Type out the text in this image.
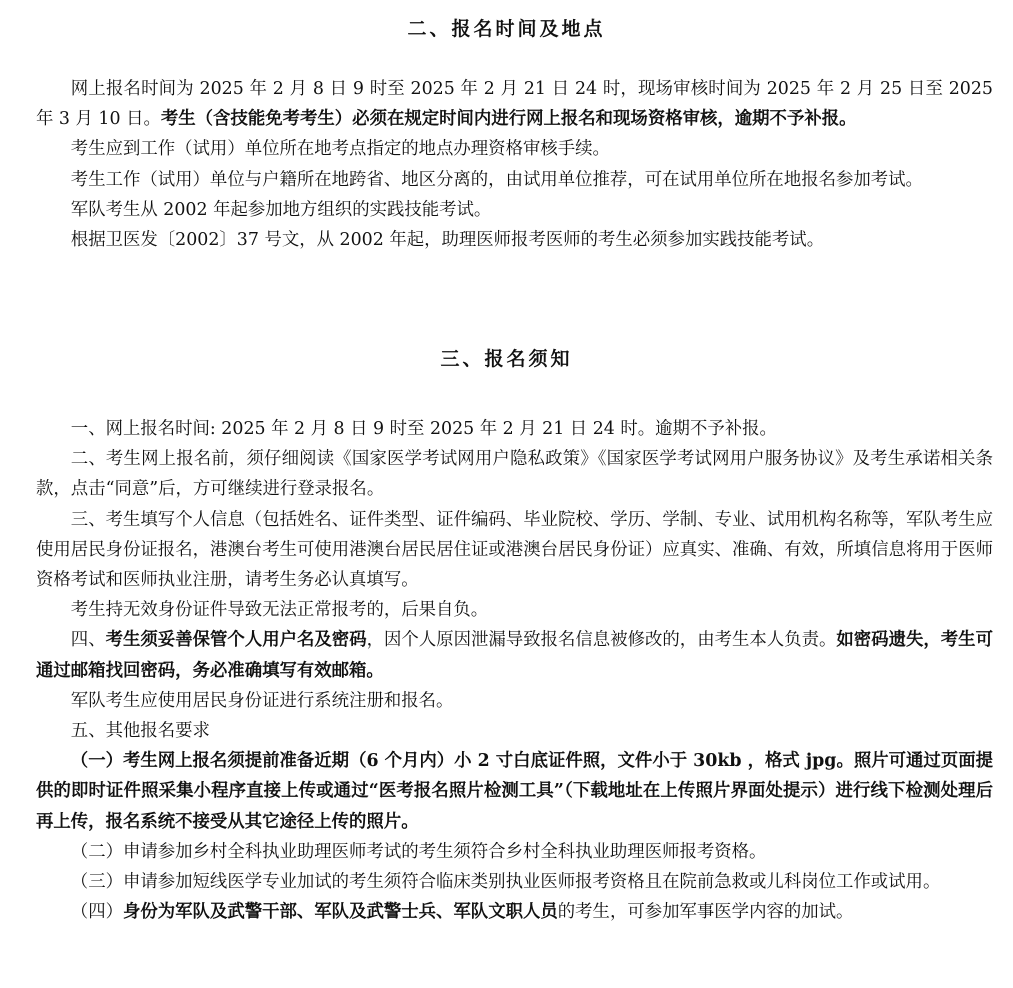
二、报名时间及地点

网上报名时间为 2025 年 2 月 8 日 9 时至 2025 年 2 月 21 日 24 时，现场审核时间为 2025 年 2 月 25 日至 2025 年 3 月 10 日。考生（含技能免考考生）必须在规定时间内进行网上报名和现场资格审核，逾期不予补报。

考生应到工作（试用）单位所在地考点指定的地点办理资格审核手续。

考生工作（试用）单位与户籍所在地跨省、地区分离的，由试用单位推荐，可在试用单位所在地报名参加考试。

军队考生从 2002 年起参加地方组织的实践技能考试。

根据卫医发〔2002〕37 号文，从 2002 年起，助理医师报考医师的考生必须参加实践技能考试。

三、报名须知

一、网上报名时间: 2025 年 2 月 8 日 9 时至 2025 年 2 月 21 日 24 时。逾期不予补报。

二、考生网上报名前，须仔细阅读《国家医学考试网用户隐私政策》《国家医学考试网用户服务协议》及考生承诺相关条款，点击“同意”后，方可继续进行登录报名。

三、考生填写个人信息（包括姓名、证件类型、证件编码、毕业院校、学历、学制、专业、试用机构名称等，军队考生应使用居民身份证报名，港澳台考生可使用港澳台居民居住证或港澳台居民身份证）应真实、准确、有效，所填信息将用于医师资格考试和医师执业注册，请考生务必认真填写。

考生持无效身份证件导致无法正常报考的，后果自负。

四、考生须妥善保管个人用户名及密码，因个人原因泄漏导致报名信息被修改的，由考生本人负责。如密码遗失，考生可通过邮箱找回密码，务必准确填写有效邮箱。

军队考生应使用居民身份证进行系统注册和报名。

五、其他报名要求

（一）考生网上报名须提前准备近期（6 个月内）小 2 寸白底证件照，文件小于 30kb ，格式 jpg。照片可通过页面提供的即时证件照采集小程序直接上传或通过“医考报名照片检测工具”（下载地址在上传照片界面处提示）进行线下检测处理后再上传，报名系统不接受从其它途径上传的照片。

（二）申请参加乡村全科执业助理医师考试的考生须符合乡村全科执业助理医师报考资格。

（三）申请参加短线医学专业加试的考生须符合临床类别执业医师报考资格且在院前急救或儿科岗位工作或试用。

（四）身份为军队及武警干部、军队及武警士兵、军队文职人员的考生，可参加军事医学内容的加试。
